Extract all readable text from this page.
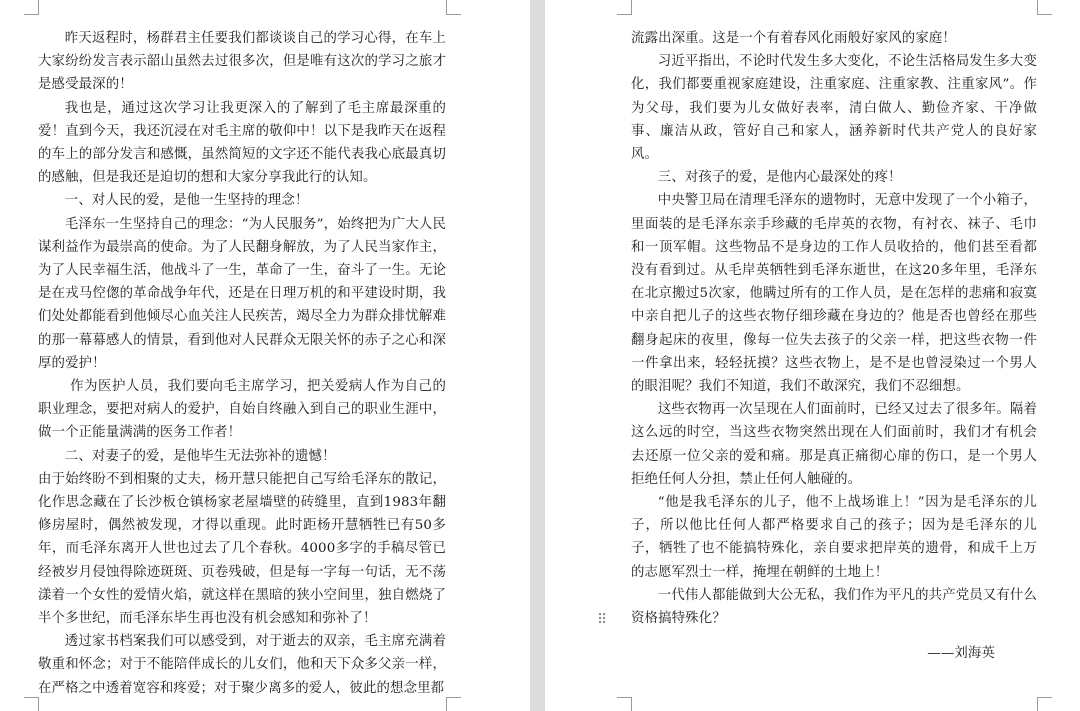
昨天返程时，杨群君主任要我们都谈谈自己的学习心得，在车上大家纷纷发言表示韶山虽然去过很多次，但是唯有这次的学习之旅才是感受最深的！

我也是，通过这次学习让我更深入的了解到了毛主席最深重的爱！直到今天，我还沉浸在对毛主席的敬仰中！以下是我昨天在返程的车上的部分发言和感慨，虽然简短的文字还不能代表我心底最真切的感触，但是我还是迫切的想和大家分享我此行的认知。

一、对人民的爱，是他一生坚持的理念！

毛泽东一生坚持自己的理念：“为人民服务”，始终把为广大人民谋利益作为最崇高的使命。为了人民翻身解放，为了人民当家作主，为了人民幸福生活，他战斗了一生，革命了一生，奋斗了一生。无论是在戎马倥偬的革命战争年代，还是在日理万机的和平建设时期，我们处处都能看到他倾尽心血关注人民疾苦，竭尽全力为群众排忧解难的那一幕幕感人的情景，看到他对人民群众无限关怀的赤子之心和深厚的爱护！

作为医护人员，我们要向毛主席学习，把关爱病人作为自己的职业理念，要把对病人的爱护，自始自终融入到自己的职业生涯中，做一个正能量满满的医务工作者！

二、对妻子的爱，是他毕生无法弥补的遗憾！

由于始终盼不到相聚的丈夫，杨开慧只能把自己写给毛泽东的散记，化作思念藏在了长沙板仓镇杨家老屋墙壁的砖缝里，直到1983年翻修房屋时，偶然被发现，才得以重现。此时距杨开慧牺牲已有50多年，而毛泽东离开人世也过去了几个春秋。4000多字的手稿尽管已经被岁月侵蚀得除迹斑斑、页卷残破，但是每一字每一句话，无不荡漾着一个女性的爱情火焰，就这样在黑暗的狭小空间里，独自燃烧了半个多世纪，而毛泽东毕生再也没有机会感知和弥补了！

透过家书档案我们可以感受到，对于逝去的双亲，毛主席充满着敬重和怀念；对于不能陪伴成长的儿女们，他和天下众多父亲一样，在严格之中透着宽容和疼爱；对于聚少离多的爱人，彼此的想念里都

流露出深重。这是一个有着春风化雨般好家风的家庭！

习近平指出，不论时代发生多大变化，不论生活格局发生多大变化，我们都要重视家庭建设，注重家庭、注重家教、注重家风”。作为父母，我们要为儿女做好表率，清白做人、勤俭齐家、干净做事、廉洁从政，管好自己和家人，涵养新时代共产党人的良好家风。

三、对孩子的爱，是他内心最深处的疼！

中央警卫局在清理毛泽东的遗物时，无意中发现了一个小箱子，里面装的是毛泽东亲手珍藏的毛岸英的衣物，有衬衣、袜子、毛巾和一顶军帽。这些物品不是身边的工作人员收拾的，他们甚至看都没有看到过。从毛岸英牺牲到毛泽东逝世，在这20多年里，毛泽东在北京搬过5次家，他瞒过所有的工作人员，是在怎样的悲痛和寂寞中亲自把儿子的这些衣物仔细珍藏在身边的？他是否也曾经在那些翻身起床的夜里，像每一位失去孩子的父亲一样，把这些衣物一件一件拿出来，轻轻抚摸？这些衣物上，是不是也曾浸染过一个男人的眼泪呢？我们不知道，我们不敢深究，我们不忍细想。

这些衣物再一次呈现在人们面前时，已经又过去了很多年。隔着这么远的时空，当这些衣物突然出现在人们面前时，我们才有机会去还原一位父亲的爱和痛。那是真正痛彻心扉的伤口，是一个男人拒绝任何人分担，禁止任何人触碰的。

“他是我毛泽东的儿子，他不上战场谁上！”因为是毛泽东的儿子，所以他比任何人都严格要求自己的孩子；因为是毛泽东的儿子，牺牲了也不能搞特殊化，亲自要求把岸英的遗骨，和成千上万的志愿军烈士一样，掩埋在朝鲜的土地上！

一代伟人都能做到大公无私，我们作为平凡的共产党员又有什么资格搞特殊化？

——刘海英

⠿
